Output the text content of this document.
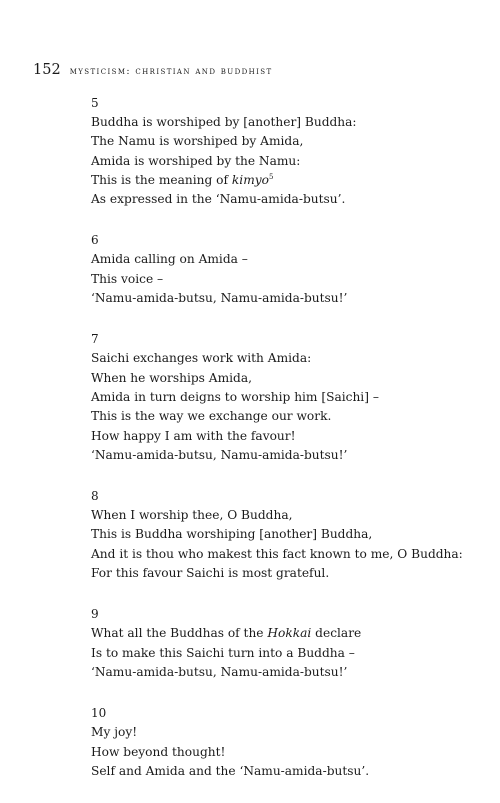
152 mysticism: christian and buddhist
5
Buddha is worshiped by [another] Buddha:
The Namu is worshiped by Amida,
Amida is worshiped by the Namu:
This is the meaning of kimyo$^5$
As expressed in the ‘Namu-amida-butsu’.
6
Amida calling on Amida –
This voice –
‘Namu-amida-butsu, Namu-amida-butsu!’
7
Saichi exchanges work with Amida:
When he worships Amida,
Amida in turn deigns to worship him [Saichi] –
This is the way we exchange our work.
How happy I am with the favour!
‘Namu-amida-butsu, Namu-amida-butsu!’
8
When I worship thee, O Buddha,
This is Buddha worshiping [another] Buddha,
And it is thou who makest this fact known to me, O Buddha:
For this favour Saichi is most grateful.
9
What all the Buddhas of the Hokkai declare
Is to make this Saichi turn into a Buddha –
‘Namu-amida-butsu, Namu-amida-butsu!’
10
My joy!
How beyond thought!
Self and Amida and the ‘Namu-amida-butsu’.
